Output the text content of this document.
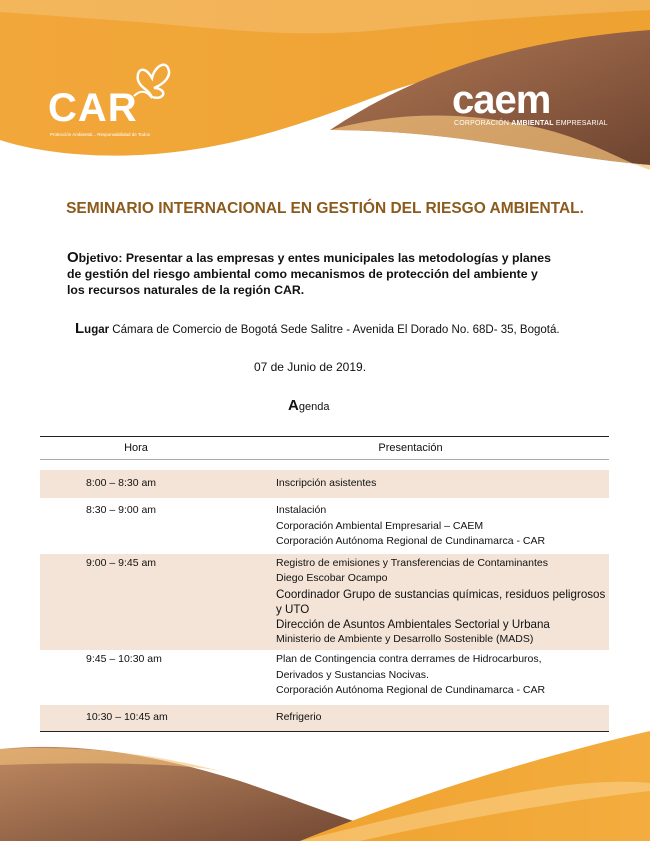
CAR
Protección Ambiental... Responsabilidad de Todos
caem
CORPORACIÓN AMBIENTAL EMPRESARIAL
SEMINARIO INTERNACIONAL EN GESTIÓN DEL RIESGO AMBIENTAL.
Objetivo: Presentar a las empresas y entes municipales las metodologías y planes de gestión del riesgo ambiental como mecanismos de protección del ambiente y los recursos naturales de la región CAR.
Lugar Cámara de Comercio de Bogotá Sede Salitre - Avenida El Dorado No. 68D- 35, Bogotá.
07 de Junio de 2019.
Agenda
Hora	Presentación
8:00 – 8:30 am	Inscripción asistentes
8:30 – 9:00 am	Instalación
Corporación Ambiental Empresarial – CAEM
Corporación Autónoma Regional de Cundinamarca - CAR
9:00 – 9:45 am	Registro de emisiones y Transferencias de Contaminantes
Diego Escobar Ocampo
Coordinador Grupo de sustancias químicas, residuos peligrosos y UTO
Dirección de Asuntos Ambientales Sectorial y Urbana
Ministerio de Ambiente y Desarrollo Sostenible (MADS)
9:45 – 10:30 am	Plan de Contingencia contra derrames de Hidrocarburos, Derivados y Sustancias Nocivas.
Corporación Autónoma Regional de Cundinamarca - CAR
10:30 – 10:45 am	Refrigerio
